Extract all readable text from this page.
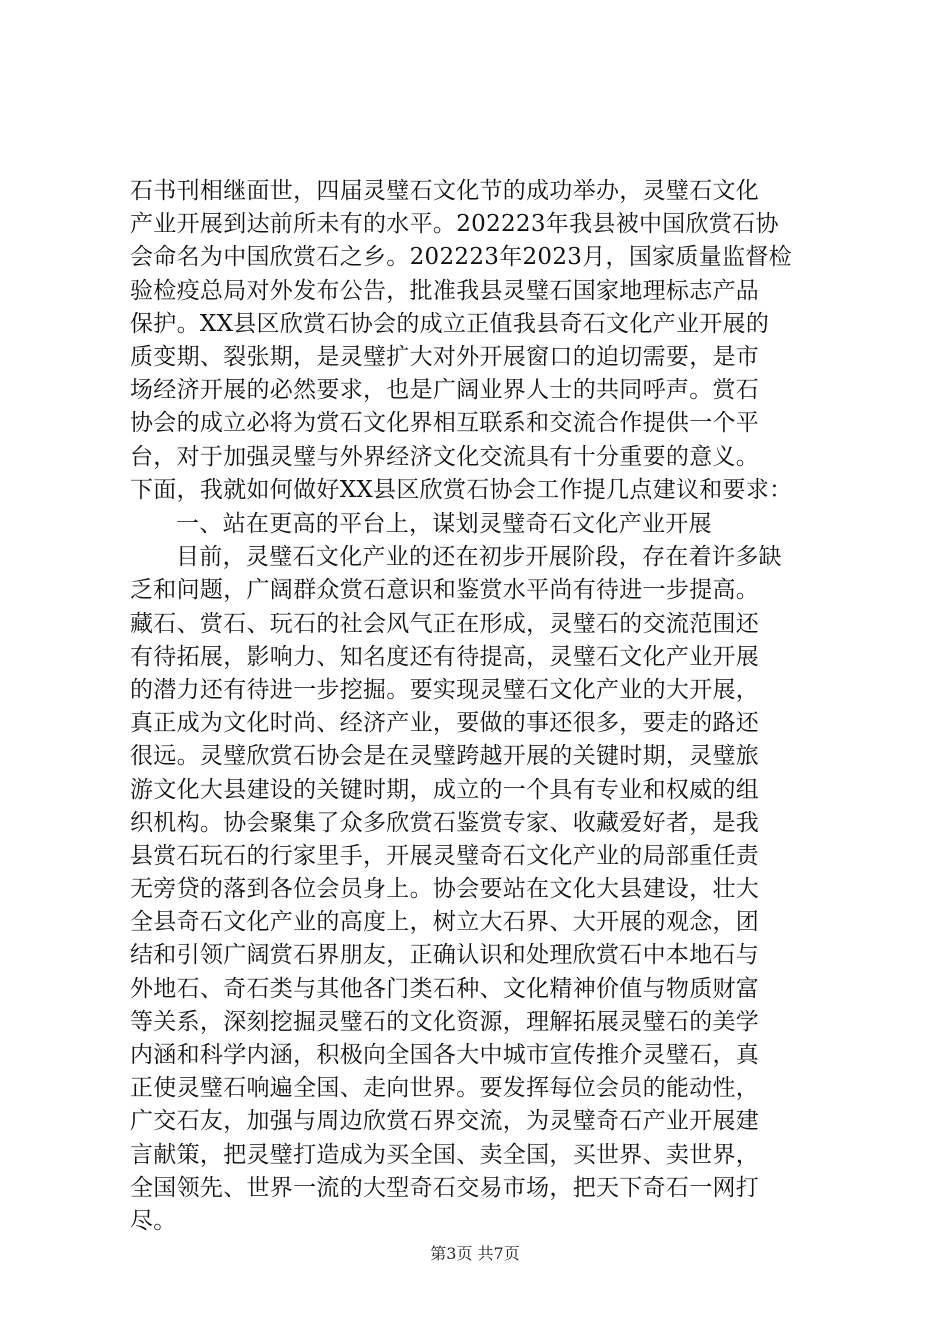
石书刊相继面世，四届灵璧石文化节的成功举办，灵璧石文化
产业开展到达前所未有的水平。202223年我县被中国欣赏石协
会命名为中国欣赏石之乡。202223年2023月，国家质量监督检
验检疫总局对外发布公告，批准我县灵璧石国家地理标志产品
保护。XX县区欣赏石协会的成立正值我县奇石文化产业开展的
质变期、裂张期，是灵璧扩大对外开展窗口的迫切需要，是市
场经济开展的必然要求，也是广阔业界人士的共同呼声。赏石
协会的成立必将为赏石文化界相互联系和交流合作提供一个平
台，对于加强灵璧与外界经济文化交流具有十分重要的意义。
下面，我就如何做好XX县区欣赏石协会工作提几点建议和要求：
一、站在更高的平台上，谋划灵璧奇石文化产业开展
目前，灵璧石文化产业的还在初步开展阶段，存在着许多缺
乏和问题，广阔群众赏石意识和鉴赏水平尚有待进一步提高。
藏石、赏石、玩石的社会风气正在形成，灵璧石的交流范围还
有待拓展，影响力、知名度还有待提高，灵璧石文化产业开展
的潜力还有待进一步挖掘。要实现灵璧石文化产业的大开展，
真正成为文化时尚、经济产业，要做的事还很多，要走的路还
很远。灵璧欣赏石协会是在灵璧跨越开展的关键时期，灵璧旅
游文化大县建设的关键时期，成立的一个具有专业和权威的组
织机构。协会聚集了众多欣赏石鉴赏专家、收藏爱好者，是我
县赏石玩石的行家里手，开展灵璧奇石文化产业的局部重任责
无旁贷的落到各位会员身上。协会要站在文化大县建设，壮大
全县奇石文化产业的高度上，树立大石界、大开展的观念，团
结和引领广阔赏石界朋友，正确认识和处理欣赏石中本地石与
外地石、奇石类与其他各门类石种、文化精神价值与物质财富
等关系，深刻挖掘灵璧石的文化资源，理解拓展灵璧石的美学
内涵和科学内涵，积极向全国各大中城市宣传推介灵璧石，真
正使灵璧石响遍全国、走向世界。要发挥每位会员的能动性，
广交石友，加强与周边欣赏石界交流，为灵璧奇石产业开展建
言献策，把灵璧打造成为买全国、卖全国，买世界、卖世界，
全国领先、世界一流的大型奇石交易市场，把天下奇石一网打
尽。
第3页 共7页
